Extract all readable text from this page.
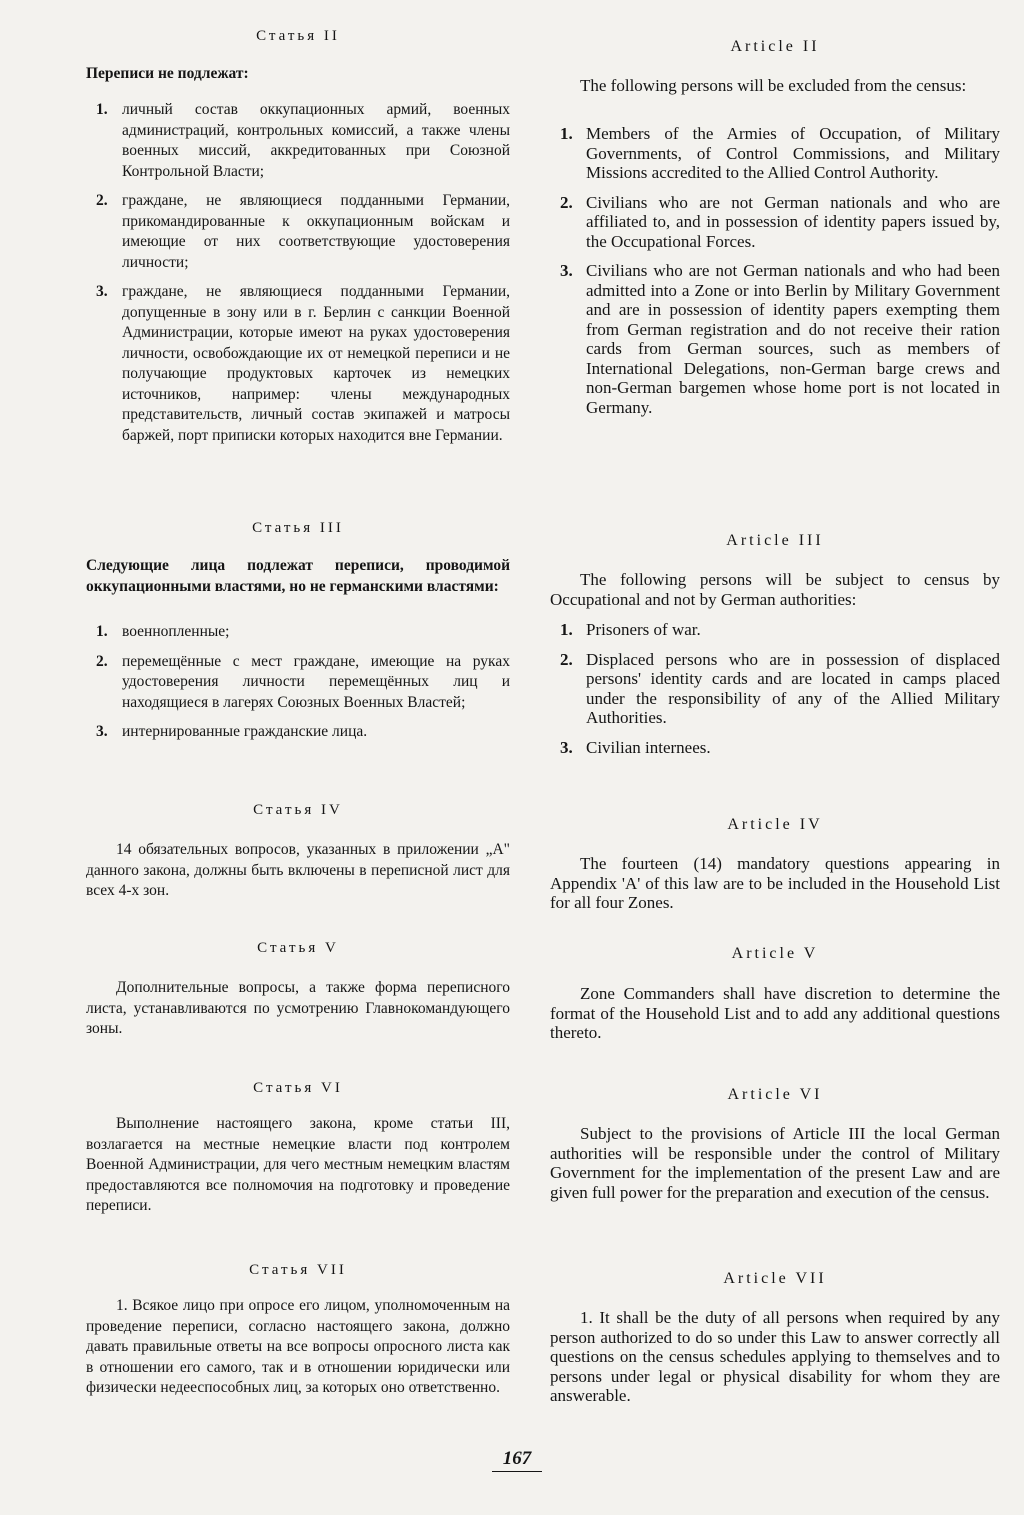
Статья II

Переписи не подлежат:

1. личный состав оккупационных армий, военных администраций, контрольных комиссий, а также члены военных миссий, аккредитованных при Союзной Контрольной Власти;
2. граждане, не являющиеся подданными Германии, прикомандированные к оккупационным войскам и имеющие от них соответствующие удостоверения личности;
3. граждане, не являющиеся подданными Германии, допущенные в зону или в г. Берлин с санкции Военной Администрации, которые имеют на руках удостоверения личности, освобождающие их от немецкой переписи и не получающие продуктовых карточек из немецких источников, например: члены международных представительств, личный состав экипажей и матросы баржей, порт приписки которых находится вне Германии.
Статья III

Следующие лица подлежат переписи, проводимой оккупационными властями, но не германскими властями:

1. военнопленные;
2. перемещённые с мест граждане, имеющие на руках удостоверения личности перемещённых лиц и находящиеся в лагерях Союзных Военных Властей;
3. интернированные гражданские лица.
Статья IV

14 обязательных вопросов, указанных в приложении „А" данного закона, должны быть включены в переписной лист для всех 4-х зон.

Статья V

Дополнительные вопросы, а также форма переписного листа, устанавливаются по усмотрению Главнокомандующего зоны.

Статья VI

Выполнение настоящего закона, кроме статьи III, возлагается на местные немецкие власти под контролем Военной Администрации, для чего местным немецким властям предоставляются все полномочия на подготовку и проведение переписи.

Статья VII

1. Всякое лицо при опросе его лицом, уполномоченным на проведение переписи, согласно настоящего закона, должно давать правильные ответы на все вопросы опросного листа как в отношении его самого, так и в отношении юридически или физически недееспособных лиц, за которых оно ответственно.

Article II

The following persons will be excluded from the census:

1. Members of the Armies of Occupation, of Military Governments, of Control Commissions, and Military Missions accredited to the Allied Control Authority.
2. Civilians who are not German nationals and who are affiliated to, and in possession of identity papers issued by, the Occupational Forces.
3. Civilians who are not German nationals and who had been admitted into a Zone or into Berlin by Military Government and are in possession of identity papers exempting them from German registration and do not receive their ration cards from German sources, such as members of International Delegations, non-German barge crews and non-German bargemen whose home port is not located in Germany.
Article III

The following persons will be subject to census by Occupational and not by German authorities:

1. Prisoners of war.
2. Displaced persons who are in possession of displaced persons' identity cards and are located in camps placed under the responsibility of any of the Allied Military Authorities.
3. Civilian internees.
Article IV

The fourteen (14) mandatory questions appearing in Appendix 'A' of this law are to be included in the Household List for all four Zones.

Article V

Zone Commanders shall have discretion to determine the format of the Household List and to add any additional questions thereto.

Article VI

Subject to the provisions of Article III the local German authorities will be responsible under the control of Military Government for the implementation of the present Law and are given full power for the preparation and execution of the census.

Article VII

1. It shall be the duty of all persons when required by any person authorized to do so under this Law to answer correctly all questions on the census schedules applying to themselves and to persons under legal or physical disability for whom they are answerable.

167
